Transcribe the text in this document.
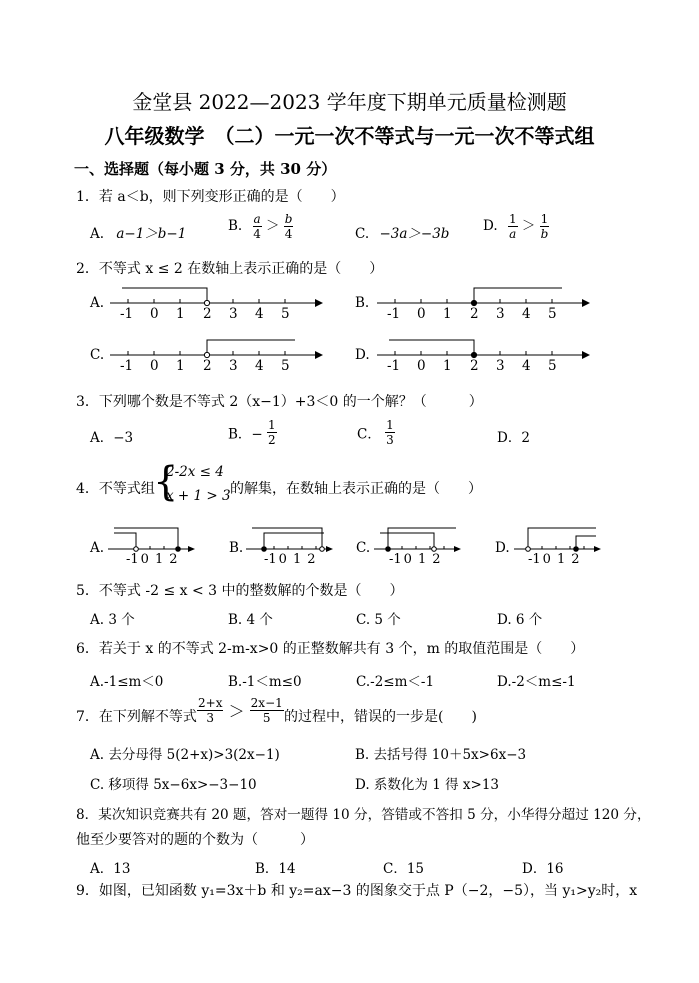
金堂县 2022—2023 学年度下期单元质量检测题
八年级数学　（二）一元一次不等式与一元一次不等式组
一、选择题（每小题 3 分，共 30 分）
1．若 a＜b，则下列变形正确的是（　　）
A. a−1＞b−1	B. $\frac{a}{4} > \frac{b}{4}$	C. −3a＞−3b D. $\frac{1}{a} > \frac{1}{b}$
2．不等式 x ≤ 2 在数轴上表示正确的是（　　）
A.
-1 0 1 2 3 4 5
B.
-1 0 1 2 3 4 5
C.
-1 0 1 2 3 4 5
D.
-1 0 1 2 3 4 5
3．下列哪个数是不等式 2（x−1）+3＜0 的一个解？（　　　）
A．−3	B．− $\frac{1}{2}$	C． $\frac{1}{3}$	D．2
4．不等式组
{
2-2x ≤ 4
x + 1 > 3 的解集，在数轴上表示正确的是（　　）
A.
-1 0 1 2
B.
-1 0 1 2
C.
-1 0 1 2
D.
-1 0 1 2
5．不等式 -2 ≤ x < 3 中的整数解的个数是（　　）
A. 3 个	B. 4 个	C. 5 个	D. 6 个
6．若关于 x 的不等式 2-m-x>0 的正整数解共有 3 个，m 的取值范围是（　　）
A.-1≤m＜0	B.-1＜m≤0	C.-2≤m＜-1	D.-2＜m≤-1
7．在下列解不等式 $\frac{2+x}{3} > \frac{2x-1}{5}$ 的过程中，错误的一步是(　　)
A. 去分母得 5(2+x)>3(2x−1)	B. 去括号得 10＋5x>6x−3
C. 移项得 5x−6x>−3−10	D. 系数化为 1 得 x>13
8．某次知识竞赛共有 20 题，答对一题得 10 分，答错或不答扣 5 分，小华得分超过 120 分，
他至少要答对的题的个数为（　　　）
A．13	B．14	C．15	D．16
9．如图，已知函数 y₁=3x＋b 和 y₂=ax−3 的图象交于点 P（−2，−5），当 y₁>y₂时，x
